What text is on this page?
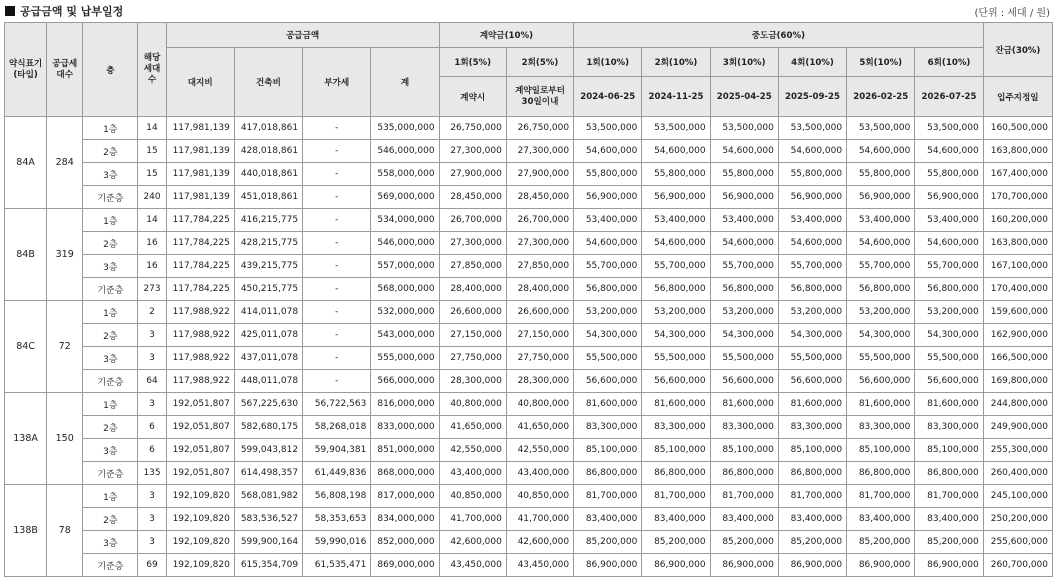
공급금액 및 납부일정	(단위 : 세대 / 원)
약식표기(타입)	공급세대수	층	해당세대수	공급금액				계약금(10%)		중도금(60%)						잔금(30%)
				대지비	건축비	부가세	계	1회(5%)	2회(5%)	1회(10%)	2회(10%)	3회(10%)	4회(10%)	5회(10%)	6회(10%)	
								계약시	계약일로부터 30일이내	2024-06-25	2024-11-25	2025-04-25	2025-09-25	2026-02-25	2026-07-25	입주지정일
84A	284	1층	14	117,981,139	417,018,861	-	535,000,000	26,750,000	26,750,000	53,500,000	53,500,000	53,500,000	53,500,000	53,500,000	53,500,000	160,500,000
		2층	15	117,981,139	428,018,861	-	546,000,000	27,300,000	27,300,000	54,600,000	54,600,000	54,600,000	54,600,000	54,600,000	54,600,000	163,800,000
		3층	15	117,981,139	440,018,861	-	558,000,000	27,900,000	27,900,000	55,800,000	55,800,000	55,800,000	55,800,000	55,800,000	55,800,000	167,400,000
		기준층	240	117,981,139	451,018,861	-	569,000,000	28,450,000	28,450,000	56,900,000	56,900,000	56,900,000	56,900,000	56,900,000	56,900,000	170,700,000
84B	319	1층	14	117,784,225	416,215,775	-	534,000,000	26,700,000	26,700,000	53,400,000	53,400,000	53,400,000	53,400,000	53,400,000	53,400,000	160,200,000
		2층	16	117,784,225	428,215,775	-	546,000,000	27,300,000	27,300,000	54,600,000	54,600,000	54,600,000	54,600,000	54,600,000	54,600,000	163,800,000
		3층	16	117,784,225	439,215,775	-	557,000,000	27,850,000	27,850,000	55,700,000	55,700,000	55,700,000	55,700,000	55,700,000	55,700,000	167,100,000
		기준층	273	117,784,225	450,215,775	-	568,000,000	28,400,000	28,400,000	56,800,000	56,800,000	56,800,000	56,800,000	56,800,000	56,800,000	170,400,000
84C	72	1층	2	117,988,922	414,011,078	-	532,000,000	26,600,000	26,600,000	53,200,000	53,200,000	53,200,000	53,200,000	53,200,000	53,200,000	159,600,000
		2층	3	117,988,922	425,011,078	-	543,000,000	27,150,000	27,150,000	54,300,000	54,300,000	54,300,000	54,300,000	54,300,000	54,300,000	162,900,000
		3층	3	117,988,922	437,011,078	-	555,000,000	27,750,000	27,750,000	55,500,000	55,500,000	55,500,000	55,500,000	55,500,000	55,500,000	166,500,000
		기준층	64	117,988,922	448,011,078	-	566,000,000	28,300,000	28,300,000	56,600,000	56,600,000	56,600,000	56,600,000	56,600,000	56,600,000	169,800,000
138A	150	1층	3	192,051,807	567,225,630	56,722,563	816,000,000	40,800,000	40,800,000	81,600,000	81,600,000	81,600,000	81,600,000	81,600,000	81,600,000	244,800,000
		2층	6	192,051,807	582,680,175	58,268,018	833,000,000	41,650,000	41,650,000	83,300,000	83,300,000	83,300,000	83,300,000	83,300,000	83,300,000	249,900,000
		3층	6	192,051,807	599,043,812	59,904,381	851,000,000	42,550,000	42,550,000	85,100,000	85,100,000	85,100,000	85,100,000	85,100,000	85,100,000	255,300,000
		기준층	135	192,051,807	614,498,357	61,449,836	868,000,000	43,400,000	43,400,000	86,800,000	86,800,000	86,800,000	86,800,000	86,800,000	86,800,000	260,400,000
138B	78	1층	3	192,109,820	568,081,982	56,808,198	817,000,000	40,850,000	40,850,000	81,700,000	81,700,000	81,700,000	81,700,000	81,700,000	81,700,000	245,100,000
		2층	3	192,109,820	583,536,527	58,353,653	834,000,000	41,700,000	41,700,000	83,400,000	83,400,000	83,400,000	83,400,000	83,400,000	83,400,000	250,200,000
		3층	3	192,109,820	599,900,164	59,990,016	852,000,000	42,600,000	42,600,000	85,200,000	85,200,000	85,200,000	85,200,000	85,200,000	85,200,000	255,600,000
		기준층	69	192,109,820	615,354,709	61,535,471	869,000,000	43,450,000	43,450,000	86,900,000	86,900,000	86,900,000	86,900,000	86,900,000	86,900,000	260,700,000
